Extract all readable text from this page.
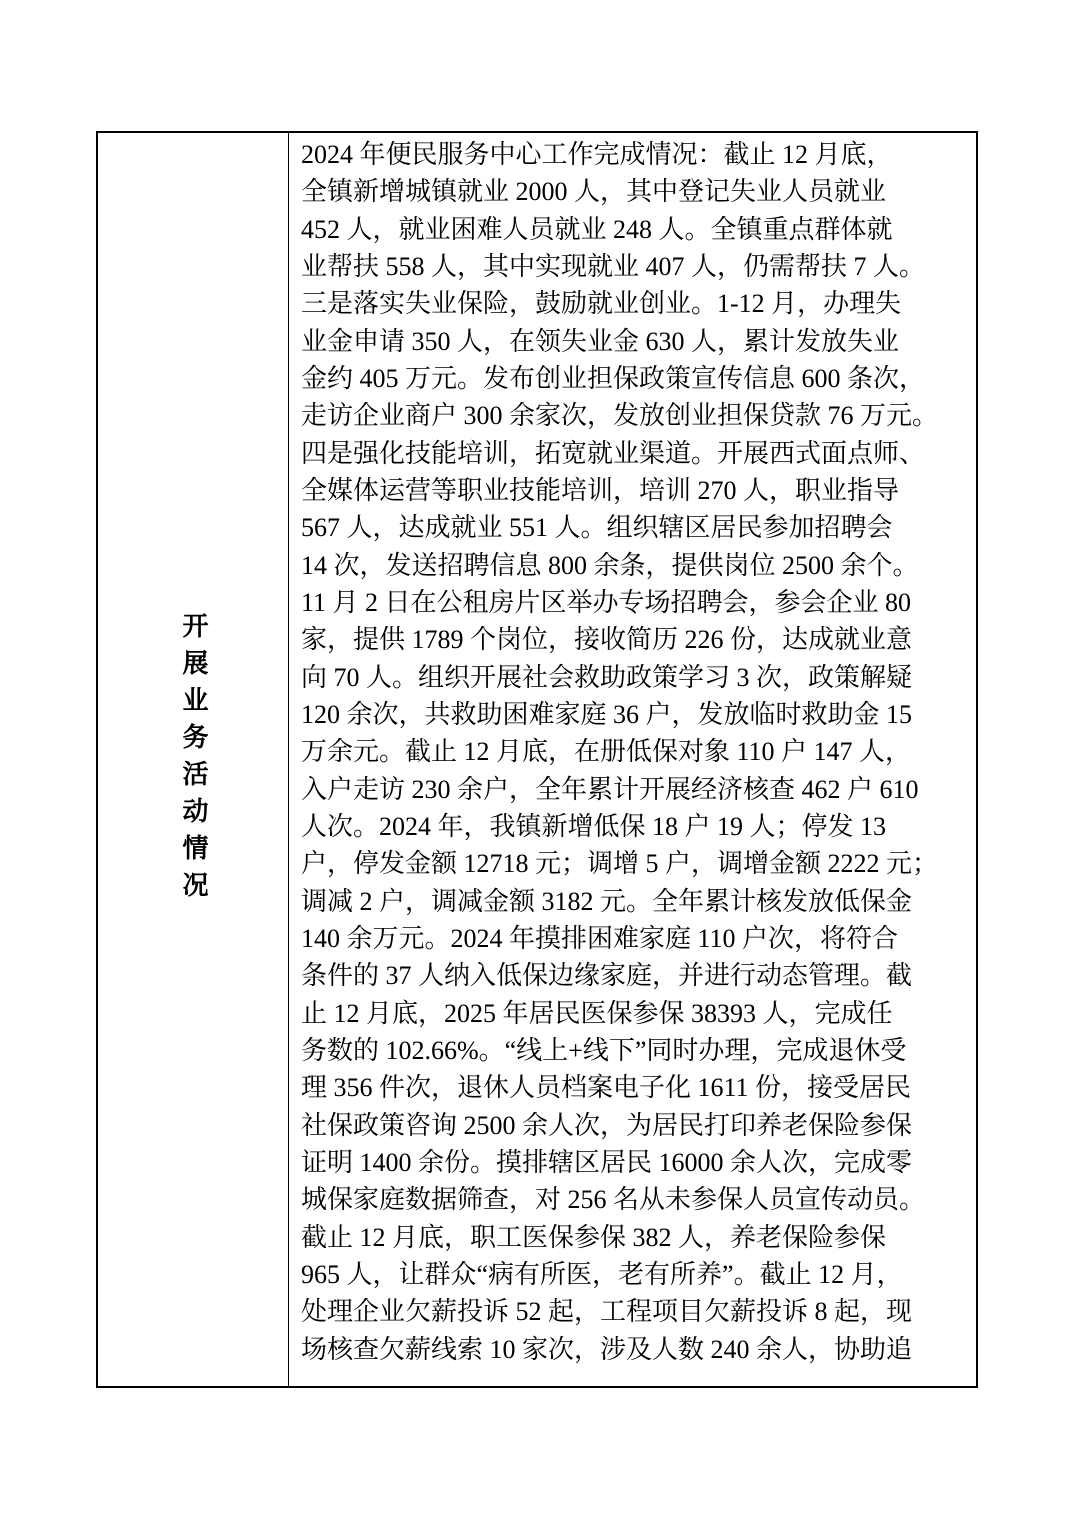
开展业务活动情况
2024 年便民服务中心工作完成情况：截止 12 月底，
全镇新增城镇就业 2000 人，其中登记失业人员就业
452 人，就业困难人员就业 248 人。全镇重点群体就
业帮扶 558 人，其中实现就业 407 人，仍需帮扶 7 人。
三是落实失业保险，鼓励就业创业。1-12 月，办理失
业金申请 350 人，在领失业金 630 人，累计发放失业
金约 405 万元。发布创业担保政策宣传信息 600 条次，
走访企业商户 300 余家次，发放创业担保贷款 76 万元。
四是强化技能培训，拓宽就业渠道。开展西式面点师、
全媒体运营等职业技能培训，培训 270 人，职业指导
567 人，达成就业 551 人。组织辖区居民参加招聘会
14 次，发送招聘信息 800 余条，提供岗位 2500 余个。
11 月 2 日在公租房片区举办专场招聘会，参会企业 80
家，提供 1789 个岗位，接收简历 226 份，达成就业意
向 70 人。组织开展社会救助政策学习 3 次，政策解疑
120 余次，共救助困难家庭 36 户，发放临时救助金 15
万余元。截止 12 月底，在册低保对象 110 户 147 人，
入户走访 230 余户，全年累计开展经济核查 462 户 610
人次。2024 年，我镇新增低保 18 户 19 人；停发 13
户，停发金额 12718 元；调增 5 户，调增金额 2222 元；
调减 2 户，调减金额 3182 元。全年累计核发放低保金
140 余万元。2024 年摸排困难家庭 110 户次，将符合
条件的 37 人纳入低保边缘家庭，并进行动态管理。截
止 12 月底，2025 年居民医保参保 38393 人，完成任
务数的 102.66%。“线上+线下”同时办理，完成退休受
理 356 件次，退休人员档案电子化 1611 份，接受居民
社保政策咨询 2500 余人次，为居民打印养老保险参保
证明 1400 余份。摸排辖区居民 16000 余人次，完成零
城保家庭数据筛查，对 256 名从未参保人员宣传动员。
截止 12 月底，职工医保参保 382 人，养老保险参保
965 人，让群众“病有所医，老有所养”。截止 12 月，
处理企业欠薪投诉 52 起，工程项目欠薪投诉 8 起，现
场核查欠薪线索 10 家次，涉及人数 240 余人，协助追
